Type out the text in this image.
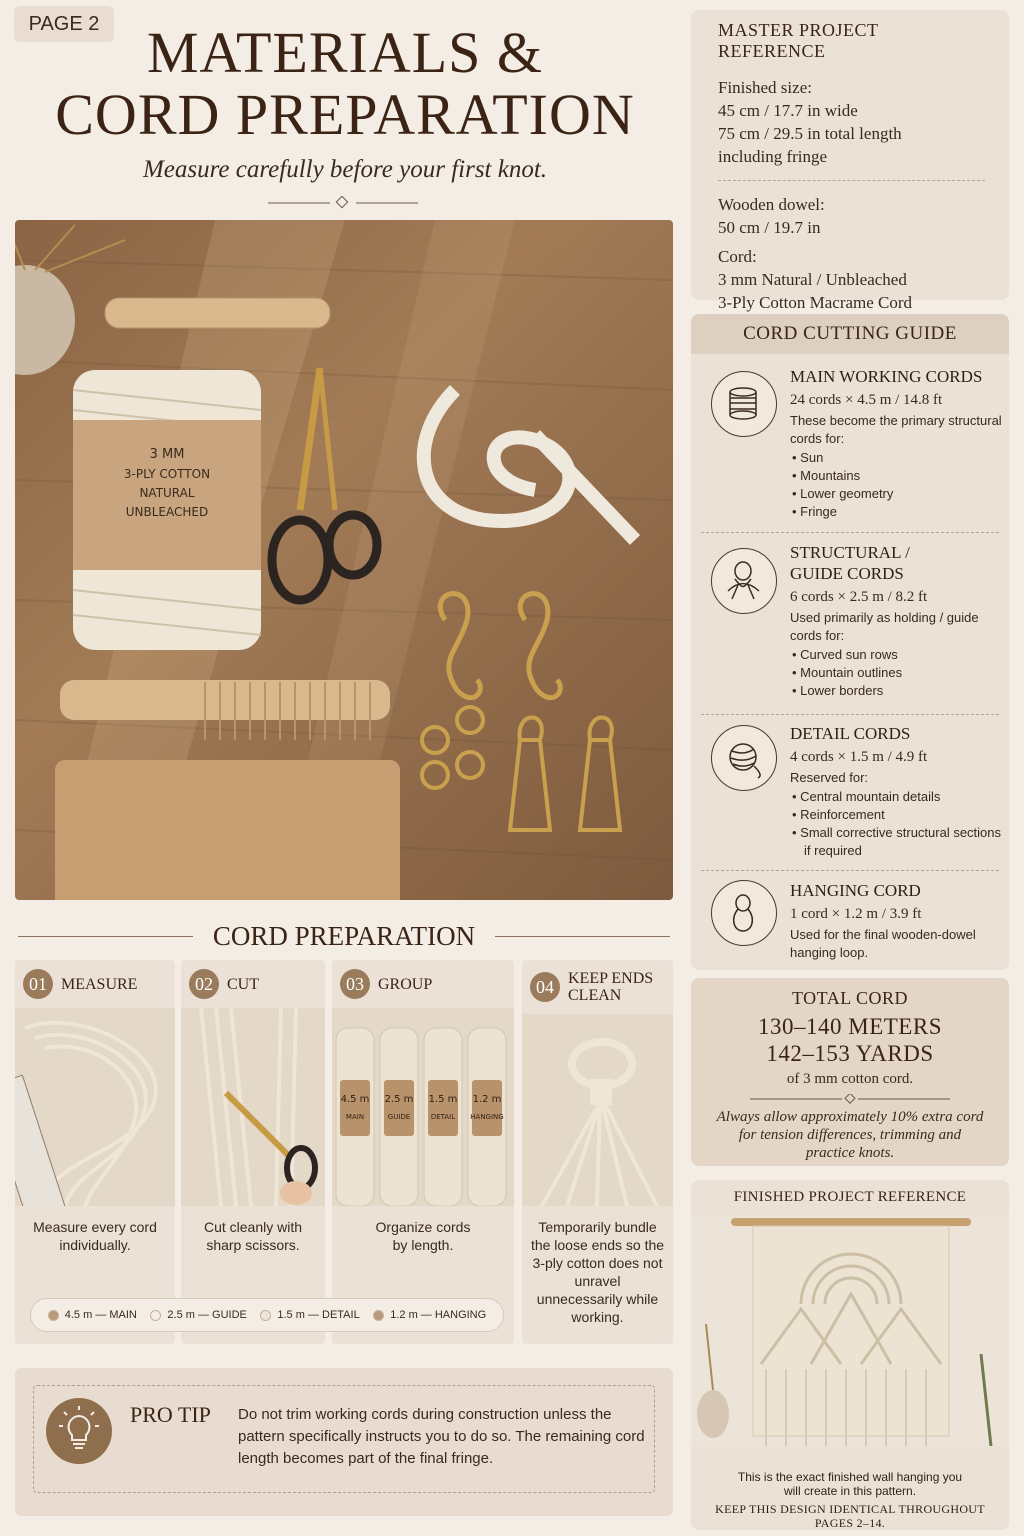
PAGE 2 MATERIALS &
CORD PREPARATION
Measure carefully before your first knot.
3 MM
3-PLY COTTON
NATURAL
UNBLEACHED
CORD PREPARATION
01 MEASURE
Measure every cord individually.
02 CUT
Cut cleanly with sharp scissors.
03 GROUP
4.5 m
MAIN
2.5 m
GUIDE
1.5 m
DETAIL
1.2 m
HANGING
Organize cords by length.
04 KEEP ENDS
CLEAN
Temporarily bundle the loose ends so the 3-ply cotton does not unravel unnecessarily while working.
4.5 m — MAIN	2.5 m — GUIDE	1.5 m — DETAIL	1.2 m — HANGING
PRO TIP Do not trim working cords during construction unless the pattern specifically instructs you to do so. The remaining cord length becomes part of the final fringe.
MASTER PROJECT REFERENCE
Finished size:
45 cm / 17.7 in wide
75 cm / 29.5 in total length
including fringe
Wooden dowel:
50 cm / 19.7 in
Cord:
3 mm Natural / Unbleached
3-Ply Cotton Macrame Cord
CORD CUTTING GUIDE
MAIN WORKING CORDS
24 cords × 4.5 m / 14.8 ft
These become the primary structural cords for:
• Sun
• Mountains
• Lower geometry
• Fringe
STRUCTURAL /
GUIDE CORDS
6 cords × 2.5 m / 8.2 ft
Used primarily as holding / guide cords for:
• Curved sun rows
• Mountain outlines
• Lower borders
DETAIL CORDS
4 cords × 1.5 m / 4.9 ft
Reserved for:
• Central mountain details
• Reinforcement
• Small corrective structural sections if required
HANGING CORD
1 cord × 1.2 m / 3.9 ft
Used for the final wooden-dowel hanging loop.
TOTAL CORD
130–140 METERS
142–153 YARDS
of 3 mm cotton cord.
Always allow approximately 10% extra cord for tension differences, trimming and practice knots.
FINISHED PROJECT REFERENCE
This is the exact finished wall hanging you will create in this pattern.
KEEP THIS DESIGN IDENTICAL THROUGHOUT PAGES 2–14.
